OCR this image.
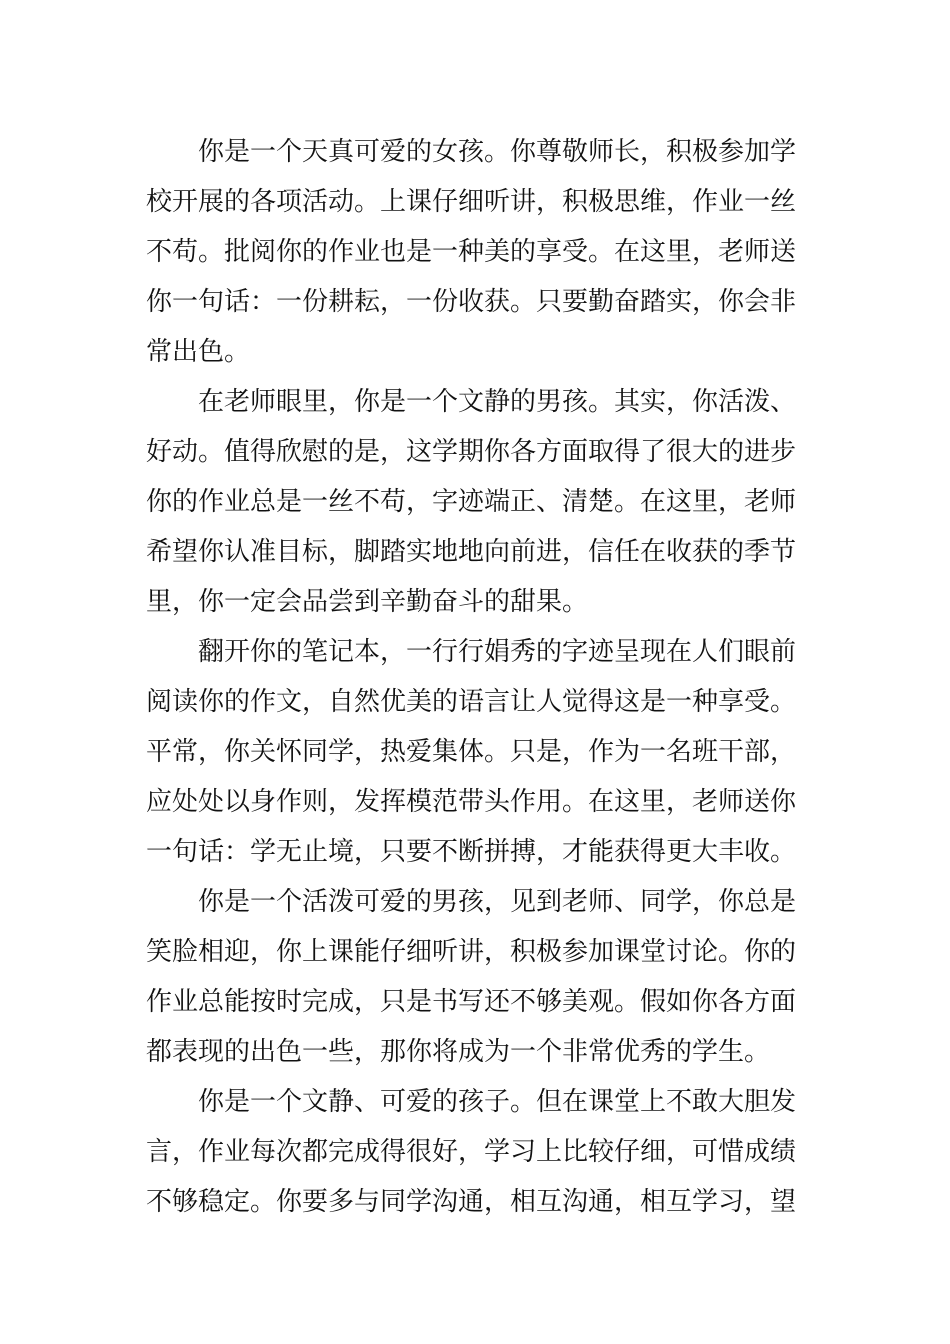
你是一个天真可爱的女孩。你尊敬师长，积极参加学
校开展的各项活动。上课仔细听讲，积极思维，作业一丝
不苟。批阅你的作业也是一种美的享受。在这里，老师送
你一句话：一份耕耘，一份收获。只要勤奋踏实，你会非
常出色。
在老师眼里，你是一个文静的男孩。其实，你活泼、
好动。值得欣慰的是，这学期你各方面取得了很大的进步
你的作业总是一丝不苟，字迹端正、清楚。在这里，老师
希望你认准目标，脚踏实地地向前进，信任在收获的季节
里，你一定会品尝到辛勤奋斗的甜果。
翻开你的笔记本，一行行娟秀的字迹呈现在人们眼前
阅读你的作文，自然优美的语言让人觉得这是一种享受。
平常，你关怀同学，热爱集体。只是，作为一名班干部，
应处处以身作则，发挥模范带头作用。在这里，老师送你
一句话：学无止境，只要不断拼搏，才能获得更大丰收。
你是一个活泼可爱的男孩，见到老师、同学，你总是
笑脸相迎，你上课能仔细听讲，积极参加课堂讨论。你的
作业总能按时完成，只是书写还不够美观。假如你各方面
都表现的出色一些，那你将成为一个非常优秀的学生。
你是一个文静、可爱的孩子。但在课堂上不敢大胆发
言，作业每次都完成得很好，学习上比较仔细，可惜成绩
不够稳定。你要多与同学沟通，相互沟通，相互学习，望
